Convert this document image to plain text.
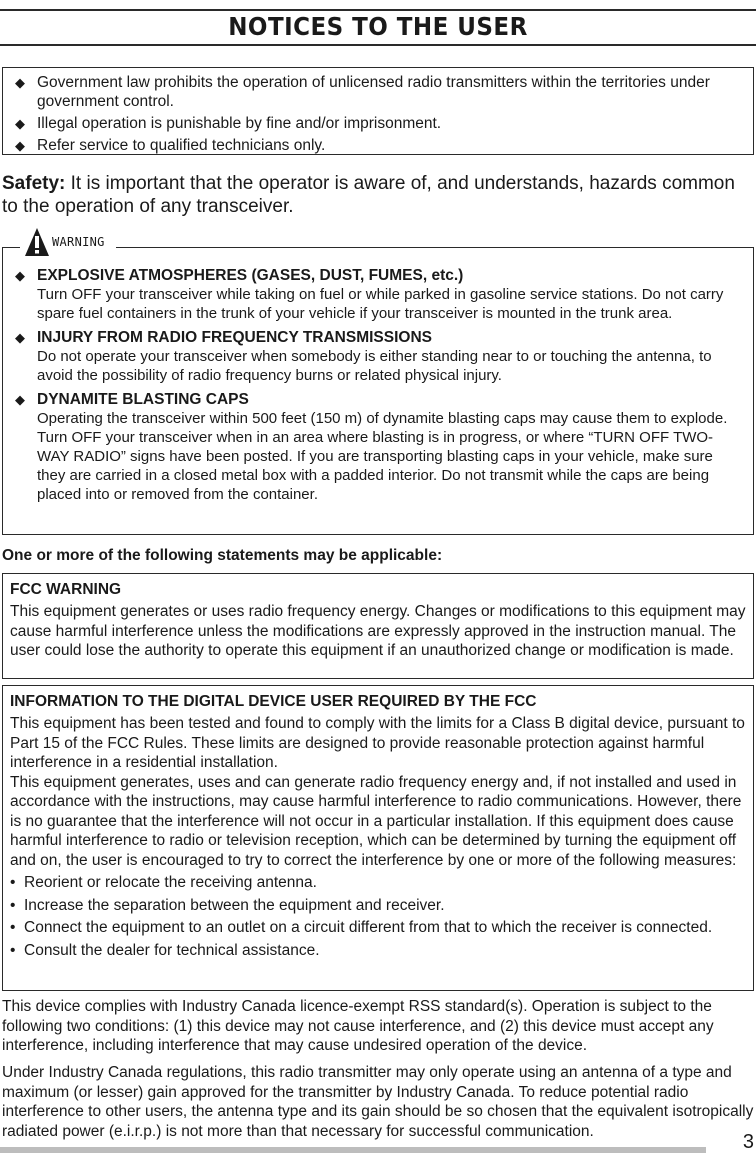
NOTICES TO THE USER
◆ Government law prohibits the operation of unlicensed radio transmitters within the territories under government control.
◆ Illegal operation is punishable by fine and/or imprisonment.
◆ Refer service to qualified technicians only.
Safety: It is important that the operator is aware of, and understands, hazards common to the operation of any transceiver.
◆ EXPLOSIVE ATMOSPHERES (GASES, DUST, FUMES, etc.)
Turn OFF your transceiver while taking on fuel or while parked in gasoline service stations. Do not carry spare fuel containers in the trunk of your vehicle if your transceiver is mounted in the trunk area.
◆ INJURY FROM RADIO FREQUENCY TRANSMISSIONS
Do not operate your transceiver when somebody is either standing near to or touching the antenna, to avoid the possibility of radio frequency burns or related physical injury.
◆ DYNAMITE BLASTING CAPS
Operating the transceiver within 500 feet (150 m) of dynamite blasting caps may cause them to explode. Turn OFF your transceiver when in an area where blasting is in progress, or where “TURN OFF TWO-WAY RADIO” signs have been posted. If you are transporting blasting caps in your vehicle, make sure they are carried in a closed metal box with a padded interior. Do not transmit while the caps are being placed into or removed from the container.
WARNING
One or more of the following statements may be applicable:
FCC WARNING
This equipment generates or uses radio frequency energy. Changes or modifications to this equipment may cause harmful interference unless the modifications are expressly approved in the instruction manual. The user could lose the authority to operate this equipment if an unauthorized change or modification is made.
INFORMATION TO THE DIGITAL DEVICE USER REQUIRED BY THE FCC
This equipment has been tested and found to comply with the limits for a Class B digital device, pursuant to Part 15 of the FCC Rules. These limits are designed to provide reasonable protection against harmful interference in a residential installation.
This equipment generates, uses and can generate radio frequency energy and, if not installed and used in accordance with the instructions, may cause harmful interference to radio communications. However, there is no guarantee that the interference will not occur in a particular installation. If this equipment does cause harmful interference to radio or television reception, which can be determined by turning the equipment off and on, the user is encouraged to try to correct the interference by one or more of the following measures:
• Reorient or relocate the receiving antenna.
• Increase the separation between the equipment and receiver.
• Connect the equipment to an outlet on a circuit different from that to which the receiver is connected.
• Consult the dealer for technical assistance.
This device complies with Industry Canada licence-exempt RSS standard(s). Operation is subject to the following two conditions: (1) this device may not cause interference, and (2) this device must accept any interference, including interference that may cause undesired operation of the device.
Under Industry Canada regulations, this radio transmitter may only operate using an antenna of a type and maximum (or lesser) gain approved for the transmitter by Industry Canada. To reduce potential radio interference to other users, the antenna type and its gain should be so chosen that the equivalent isotropically radiated power (e.i.r.p.) is not more than that necessary for successful communication.	3
